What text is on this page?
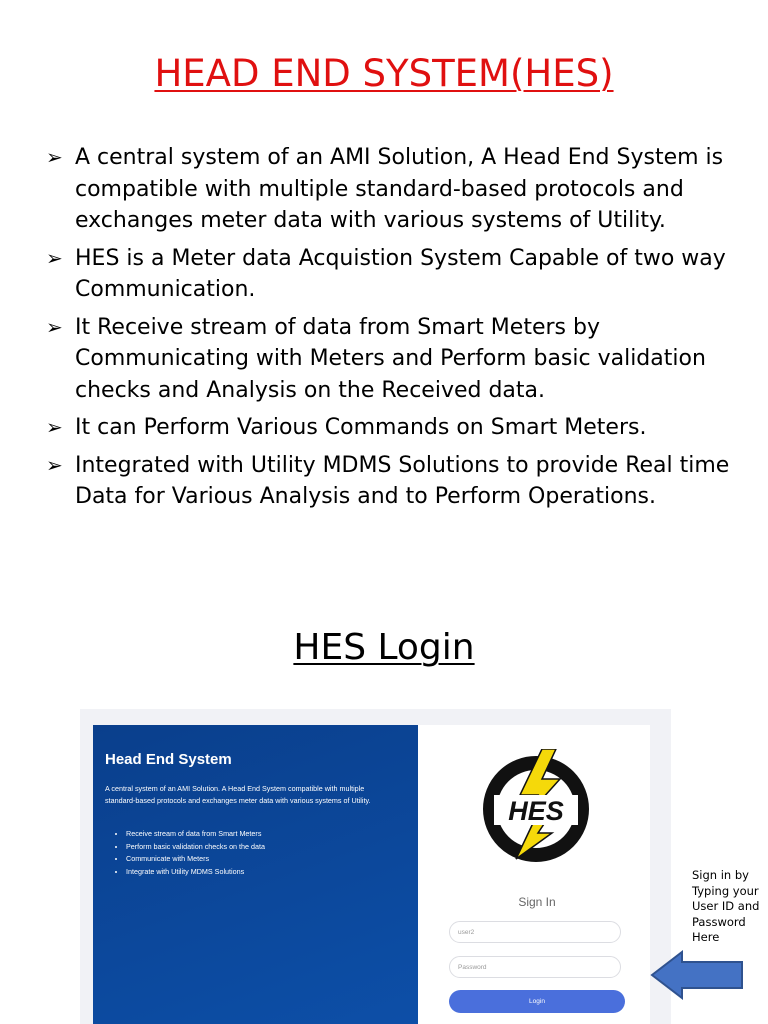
HEAD END SYSTEM(HES)
➢ A central system of an AMI Solution, A Head End System is compatible with multiple standard-based protocols and exchanges meter data with various systems of Utility.
➢ HES is a Meter data Acquistion System Capable of two way Communication.
➢ It Receive stream of data from Smart Meters by Communicating with Meters and Perform basic validation checks and Analysis on the Received data.
➢ It can Perform Various Commands on Smart Meters.
➢ Integrated with Utility MDMS Solutions to provide Real time Data for Various Analysis and to Perform Operations.
HES Login
Head End System
A central system of an AMI Solution. A Head End System compatible with multiple standard-based protocols and exchanges meter data with various systems of Utility.
• Receive stream of data from Smart Meters
• Perform basic validation checks on the data
• Communicate with Meters
• Integrate with Utility MDMS Solutions
HES
Sign In
user2
Password
Login
Sign in by Typing your User ID and Password Here
